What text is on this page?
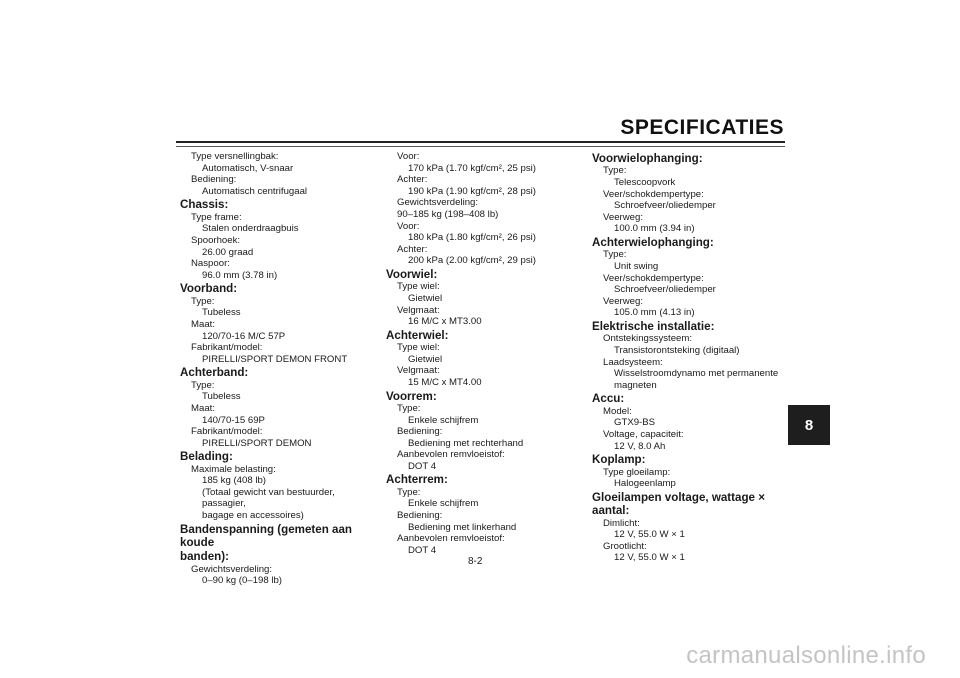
SPECIFICATIES
8
Type versnellingbak:
Automatisch, V-snaar
Bediening:
Automatisch centrifugaal
Chassis:
Type frame:
Stalen onderdraagbuis
Spoorhoek:
26.00 graad
Naspoor:
96.0 mm (3.78 in)
Voorband:
Type:
Tubeless
Maat:
120/70-16 M/C 57P
Fabrikant/model:
PIRELLI/SPORT DEMON FRONT
Achterband:
Type:
Tubeless
Maat:
140/70-15 69P
Fabrikant/model:
PIRELLI/SPORT DEMON
Belading:
Maximale belasting:
185 kg (408 lb)
(Totaal gewicht van bestuurder, passagier,
bagage en accessoires)
Bandenspanning (gemeten aan koude
banden):
Gewichtsverdeling:
0–90 kg (0–198 lb)
Voor:
170 kPa (1.70 kgf/cm², 25 psi)
Achter:
190 kPa (1.90 kgf/cm², 28 psi)
Gewichtsverdeling:
90–185 kg (198–408 lb)
Voor:
180 kPa (1.80 kgf/cm², 26 psi)
Achter:
200 kPa (2.00 kgf/cm², 29 psi)
Voorwiel:
Type wiel:
Gietwiel
Velgmaat:
16 M/C x MT3.00
Achterwiel:
Type wiel:
Gietwiel
Velgmaat:
15 M/C x MT4.00
Voorrem:
Type:
Enkele schijfrem
Bediening:
Bediening met rechterhand
Aanbevolen remvloeistof:
DOT 4
Achterrem:
Type:
Enkele schijfrem
Bediening:
Bediening met linkerhand
Aanbevolen remvloeistof:
DOT 4
Voorwielophanging:
Type:
Telescoopvork
Veer/schokdempertype:
Schroefveer/oliedemper
Veerweg:
100.0 mm (3.94 in)
Achterwielophanging:
Type:
Unit swing
Veer/schokdempertype:
Schroefveer/oliedemper
Veerweg:
105.0 mm (4.13 in)
Elektrische installatie:
Ontstekingssysteem:
Transistorontsteking (digitaal)
Laadsysteem:
Wisselstroomdynamo met permanente
magneten
Accu:
Model:
GTX9-BS
Voltage, capaciteit:
12 V, 8.0 Ah
Koplamp:
Type gloeilamp:
Halogeenlamp
Gloeilampen voltage, wattage × aantal:
Dimlicht:
12 V, 55.0 W × 1
Grootlicht:
12 V, 55.0 W × 1
8-2
carmanualsonline.info
